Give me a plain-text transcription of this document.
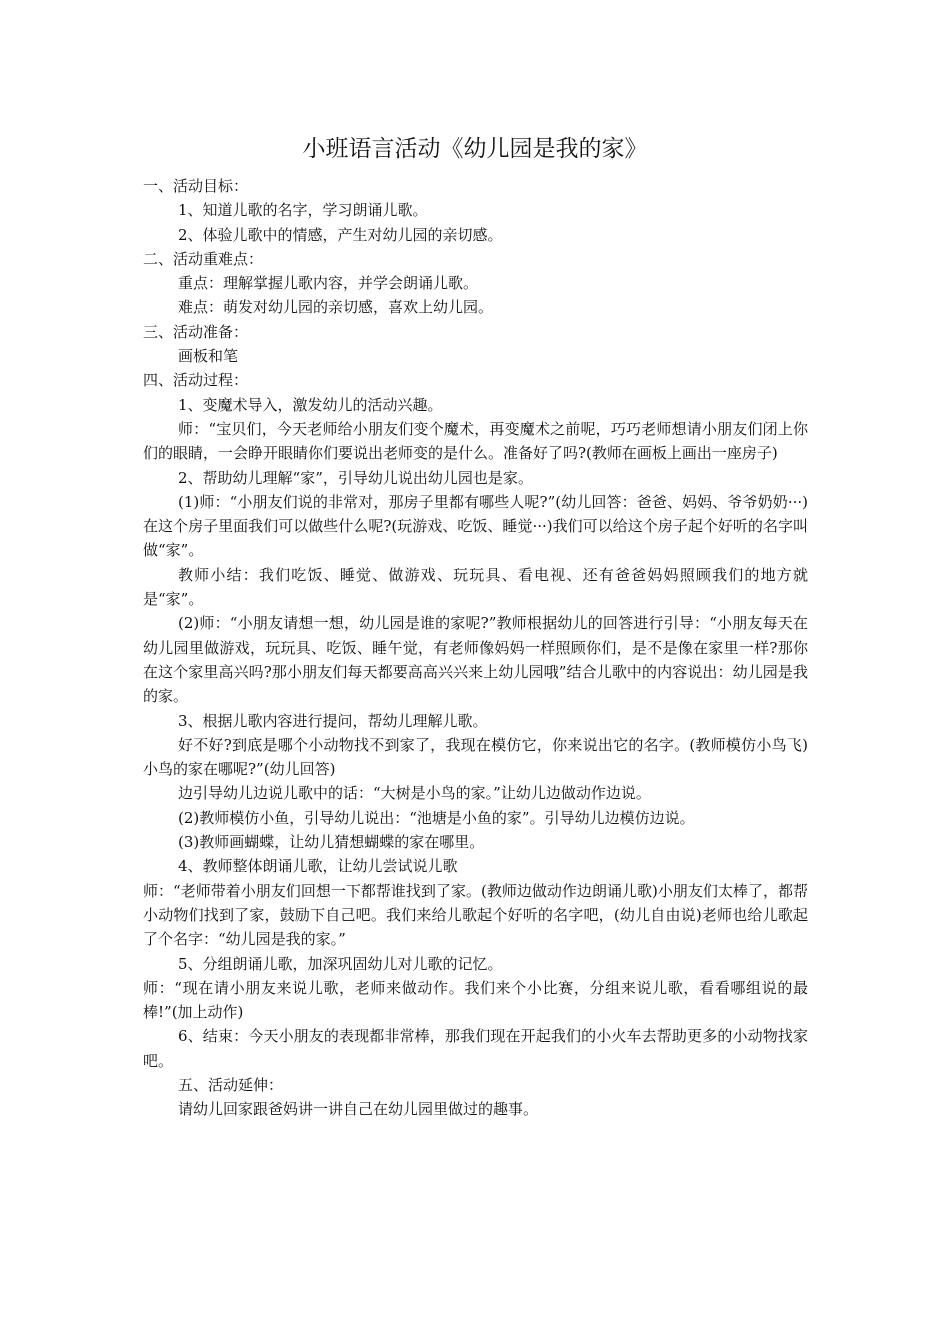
小班语言活动《幼儿园是我的家》

一、活动目标：

1、知道儿歌的名字，学习朗诵儿歌。

2、体验儿歌中的情感，产生对幼儿园的亲切感。

二、活动重难点：

重点：理解掌握儿歌内容，并学会朗诵儿歌。

难点：萌发对幼儿园的亲切感，喜欢上幼儿园。

三、活动准备：

画板和笔

四、活动过程：

1、变魔术导入，激发幼儿的活动兴趣。

师：“宝贝们，今天老师给小朋友们变个魔术，再变魔术之前呢，巧巧老师想请小朋友们闭上你们的眼睛，一会睁开眼睛你们要说出老师变的是什么。准备好了吗?(教师在画板上画出一座房子)

2、帮助幼儿理解“家”，引导幼儿说出幼儿园也是家。

(1)师：“小朋友们说的非常对，那房子里都有哪些人呢?”(幼儿回答：爸爸、妈妈、爷爷奶奶···)在这个房子里面我们可以做些什么呢?(玩游戏、吃饭、睡觉···)我们可以给这个房子起个好听的名字叫做“家”。

教师小结：我们吃饭、睡觉、做游戏、玩玩具、看电视、还有爸爸妈妈照顾我们的地方就是“家”。

(2)师：“小朋友请想一想，幼儿园是谁的家呢?”教师根据幼儿的回答进行引导：“小朋友每天在幼儿园里做游戏，玩玩具、吃饭、睡午觉，有老师像妈妈一样照顾你们，是不是像在家里一样?那你在这个家里高兴吗?那小朋友们每天都要高高兴兴来上幼儿园哦”结合儿歌中的内容说出：幼儿园是我的家。

3、根据儿歌内容进行提问，帮幼儿理解儿歌。

好不好?到底是哪个小动物找不到家了，我现在模仿它，你来说出它的名字。(教师模仿小鸟飞)小鸟的家在哪呢?”(幼儿回答)

边引导幼儿边说儿歌中的话：“大树是小鸟的家。”让幼儿边做动作边说。

(2)教师模仿小鱼，引导幼儿说出：“池塘是小鱼的家”。引导幼儿边模仿边说。

(3)教师画蝴蝶，让幼儿猜想蝴蝶的家在哪里。

4、教师整体朗诵儿歌，让幼儿尝试说儿歌

师：“老师带着小朋友们回想一下都帮谁找到了家。(教师边做动作边朗诵儿歌)小朋友们太棒了，都帮小动物们找到了家，鼓励下自己吧。我们来给儿歌起个好听的名字吧，(幼儿自由说)老师也给儿歌起了个名字：“幼儿园是我的家。”

5、分组朗诵儿歌，加深巩固幼儿对儿歌的记忆。

师：“现在请小朋友来说儿歌，老师来做动作。我们来个小比赛，分组来说儿歌，看看哪组说的最棒!”(加上动作)

6、结束：今天小朋友的表现都非常棒，那我们现在开起我们的小火车去帮助更多的小动物找家吧。

五、活动延伸：

请幼儿回家跟爸妈讲一讲自己在幼儿园里做过的趣事。
